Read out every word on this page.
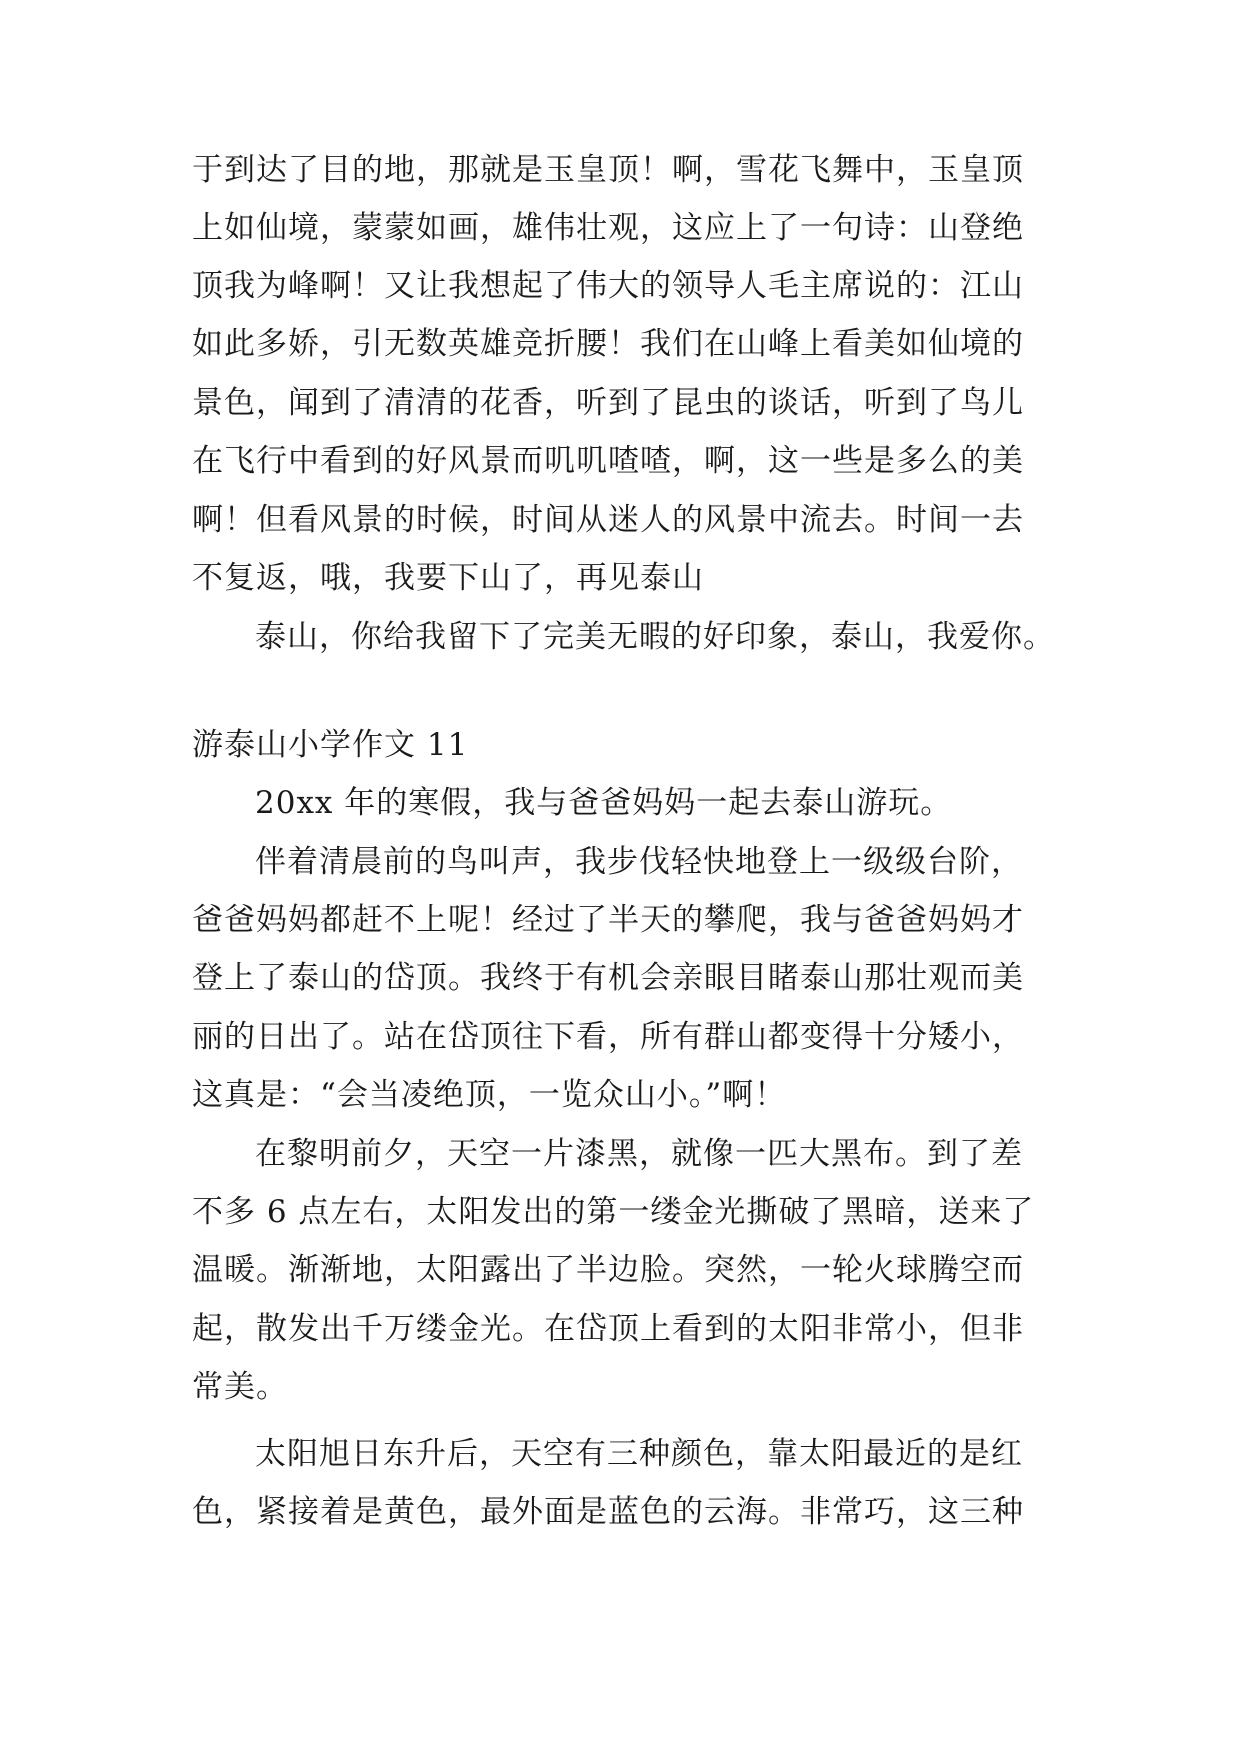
于到达了目的地，那就是玉皇顶！啊，雪花飞舞中，玉皇顶
上如仙境，蒙蒙如画，雄伟壮观，这应上了一句诗：山登绝
顶我为峰啊！又让我想起了伟大的领导人毛主席说的：江山
如此多娇，引无数英雄竞折腰！我们在山峰上看美如仙境的
景色，闻到了清清的花香，听到了昆虫的谈话，听到了鸟儿
在飞行中看到的好风景而叽叽喳喳，啊，这一些是多么的美
啊！但看风景的时候，时间从迷人的风景中流去。时间一去
不复返，哦，我要下山了，再见泰山
泰山，你给我留下了完美无暇的好印象，泰山，我爱你。
游泰山小学作文 11
20xx 年的寒假，我与爸爸妈妈一起去泰山游玩。
伴着清晨前的鸟叫声，我步伐轻快地登上一级级台阶，
爸爸妈妈都赶不上呢！经过了半天的攀爬，我与爸爸妈妈才
登上了泰山的岱顶。我终于有机会亲眼目睹泰山那壮观而美
丽的日出了。站在岱顶往下看，所有群山都变得十分矮小，
这真是：“会当凌绝顶，一览众山小。”啊！
在黎明前夕，天空一片漆黑，就像一匹大黑布。到了差
不多 6 点左右，太阳发出的第一缕金光撕破了黑暗，送来了
温暖。渐渐地，太阳露出了半边脸。突然，一轮火球腾空而
起，散发出千万缕金光。在岱顶上看到的太阳非常小，但非
常美。
太阳旭日东升后，天空有三种颜色，靠太阳最近的是红
色，紧接着是黄色，最外面是蓝色的云海。非常巧，这三种
